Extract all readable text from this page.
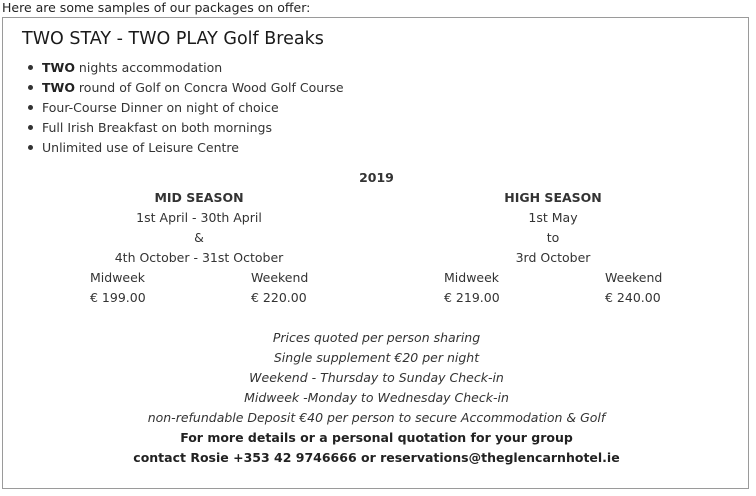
Here are some samples of our packages on offer:
TWO STAY - TWO PLAY Golf Breaks
TWO nights accommodation
TWO round of Golf on Concra Wood Golf Course
Four-Course Dinner on night of choice
Full Irish Breakfast on both mornings
Unlimited use of Leisure Centre
2019
MID SEASON
1st April - 30th April
&
4th October - 31st October
Midweek	Weekend
€ 199.00	€ 220.00
HIGH SEASON
1st May
to
3rd October
Midweek	Weekend
€ 219.00	€ 240.00
Prices quoted per person sharing
Single supplement €20 per night
Weekend - Thursday to Sunday Check-in
Midweek -Monday to Wednesday Check-in
non-refundable Deposit €40 per person to secure Accommodation & Golf
For more details or a personal quotation for your group
contact Rosie +353 42 9746666 or reservations@theglencarnhotel.ie
